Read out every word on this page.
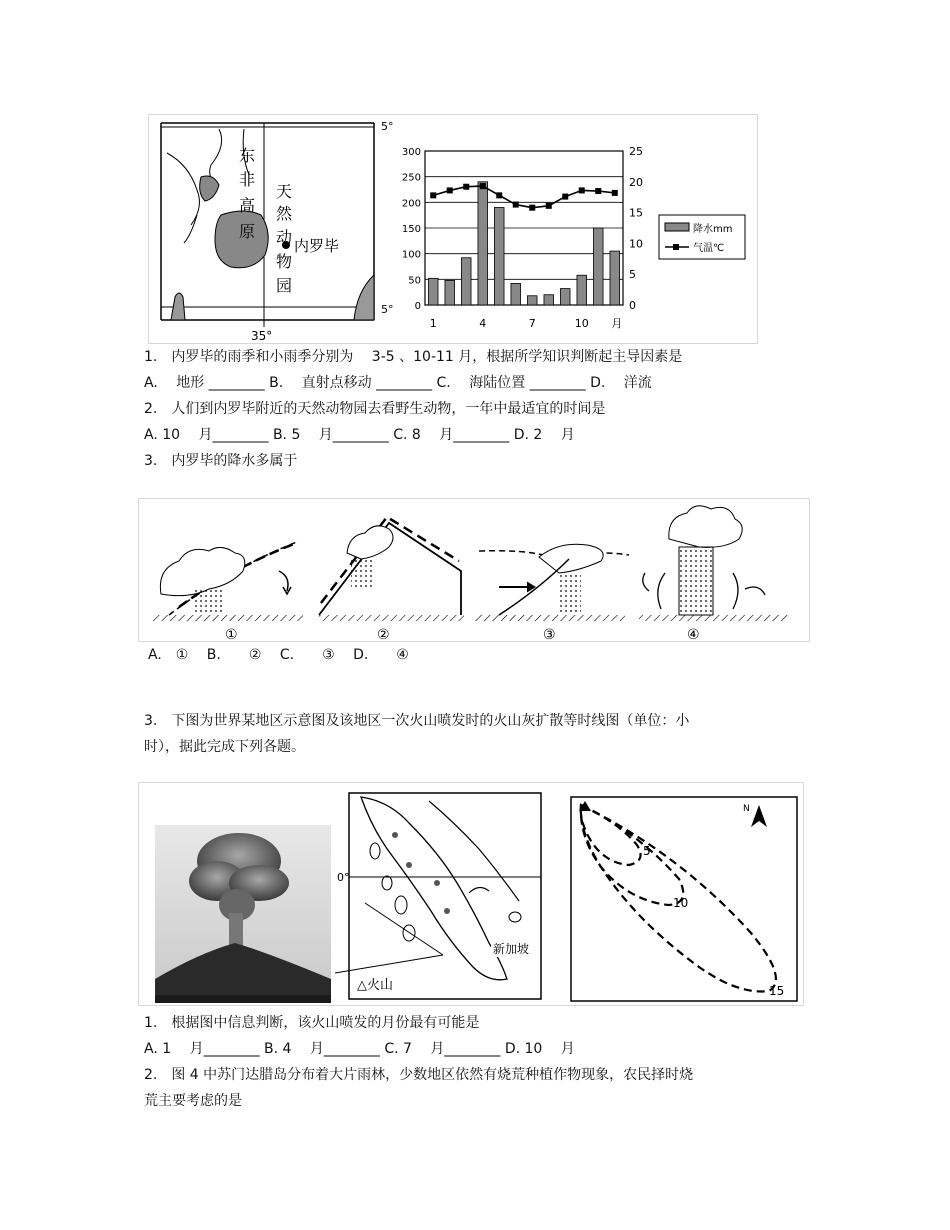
东
非
高
原
天
然
动
物
园
内罗毕
5°
5°
35°
300
250
200
150
100
50
0
25
20
15
10
5
0
1	4	7	10 月
降水mm
气温℃
1.　内罗毕的雨季和小雨季分别为　 3-5 、10-11 月，根据所学知识判断起主导因素是
A.　 地形 ________ B.　 直射点移动 ________ C.　 海陆位置 ________ D.　 洋流
2.　人们到内罗毕附近的天然动物园去看野生动物，一年中最适宜的时间是
A. 10　 月________ B. 5　 月________ C. 8　 月________ D. 2　 月
3.　内罗毕的降水多属于
①	②	③	④
A.　①　 B.　　②　 C.　　③　 D.　　④
3.　下图为世界某地区示意图及该地区一次火山喷发时的火山灰扩散等时线图（单位：小
时），据此完成下列各题。
0°
△火山
新加坡
N
5
10
15
1.　根据图中信息判断，该火山喷发的月份最有可能是
A. 1　 月________ B. 4　 月________ C. 7　 月________ D. 10　 月
2.　图 4 中苏门达腊岛分布着大片雨林，少数地区依然有烧荒种植作物现象，农民择时烧
荒主要考虑的是
